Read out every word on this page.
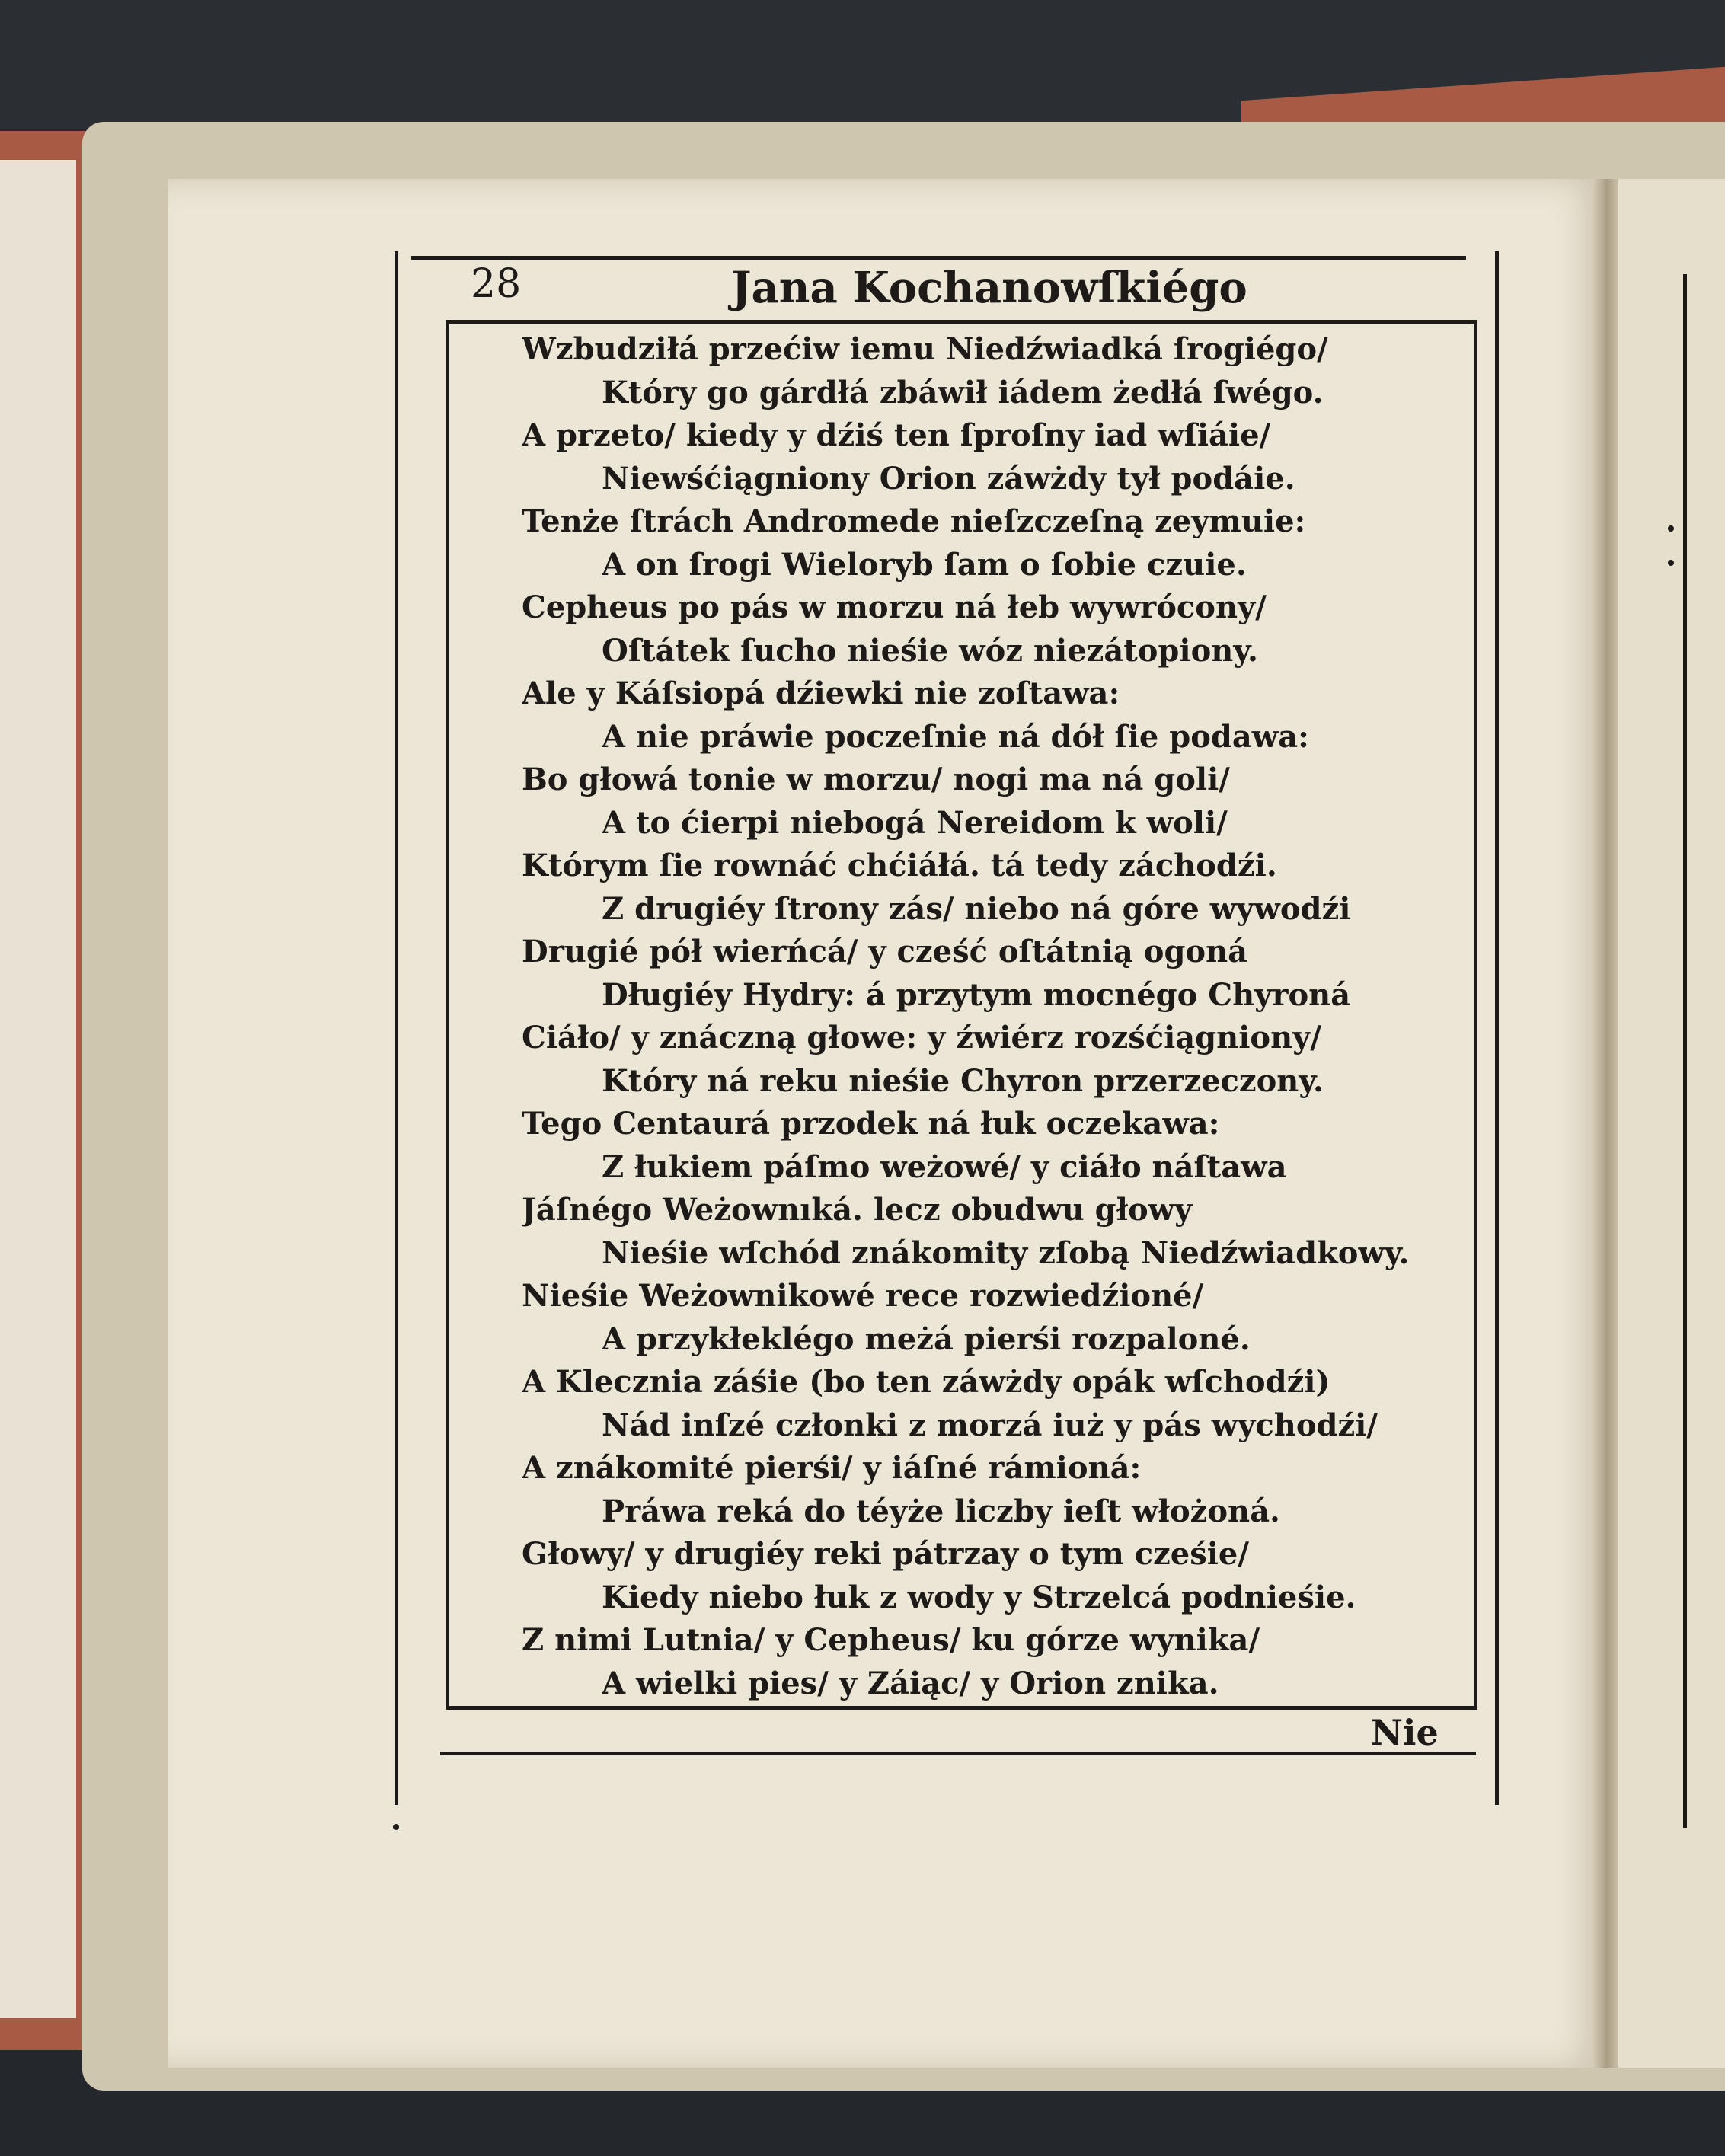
28	Jana Kochanowſkiégo
Wzbudziłá przećiw iemu Niedźwiadká ſrogiégo/
Który go gárdłá zbáwił iádem żedłá ſwégo.
A przeto/ kiedy y dźiś ten ſproſny iad wſiáie/
Niewśćiągniony Orion záwżdy tył podáie.
Tenże ſtrách Andromede nieſzczeſną zeymuie:
A on ſrogi Wieloryb ſam o ſobie czuie.
Cepheus po pás w morzu ná łeb wywrócony/
Oſtátek ſucho nieśie wóz niezátopiony.
Ale y Káſsiopá dźiewki nie zoſtawa:
A nie práwie poczeſnie ná dół ſie podawa:
Bo głowá tonie w morzu/ nogi ma ná goli/
A to ćierpi niebogá Nereidom k woli/
Którym ſie rownáć chćiáłá. tá tedy záchodźi.
Z drugiéy ſtrony zás/ niebo ná góre wywodźi
Drugié pół wierńcá/ y cześć oſtátnią ogoná
Długiéy Hydry: á przytym mocnégo Chyroná
Ciáło/ y znáczną głowe: y źwiérz rozśćiągniony/
Który ná reku nieśie Chyron przerzeczony.
Tego Centaurá przodek ná łuk oczekawa:
Z łukiem páſmo weżowé/ y ciáło náſtawa
Jáſnégo Weżownıká. lecz obudwu głowy
Nieśie wſchód znákomity zſobą Niedźwiadkowy.
Nieśie Weżownikowé rece rozwiedźioné/
A przykłeklégo meżá pierśi rozpaloné.
A Klecznia záśie (bo ten záwżdy opák wſchodźi)
Nád inſzé członki z morzá iuż y pás wychodźi/
A znákomité pierśi/ y iáſné rámioná:
Práwa reká do téyże liczby ieſt włożoná.
Głowy/ y drugiéy reki pátrzay o tym cześie/
Kiedy niebo łuk z wody y Strzelcá podnieśie.
Z nimi Lutnia/ y Cepheus/ ku górze wynika/
A wielki pies/ y Záiąc/ y Orion znika.
Nie
